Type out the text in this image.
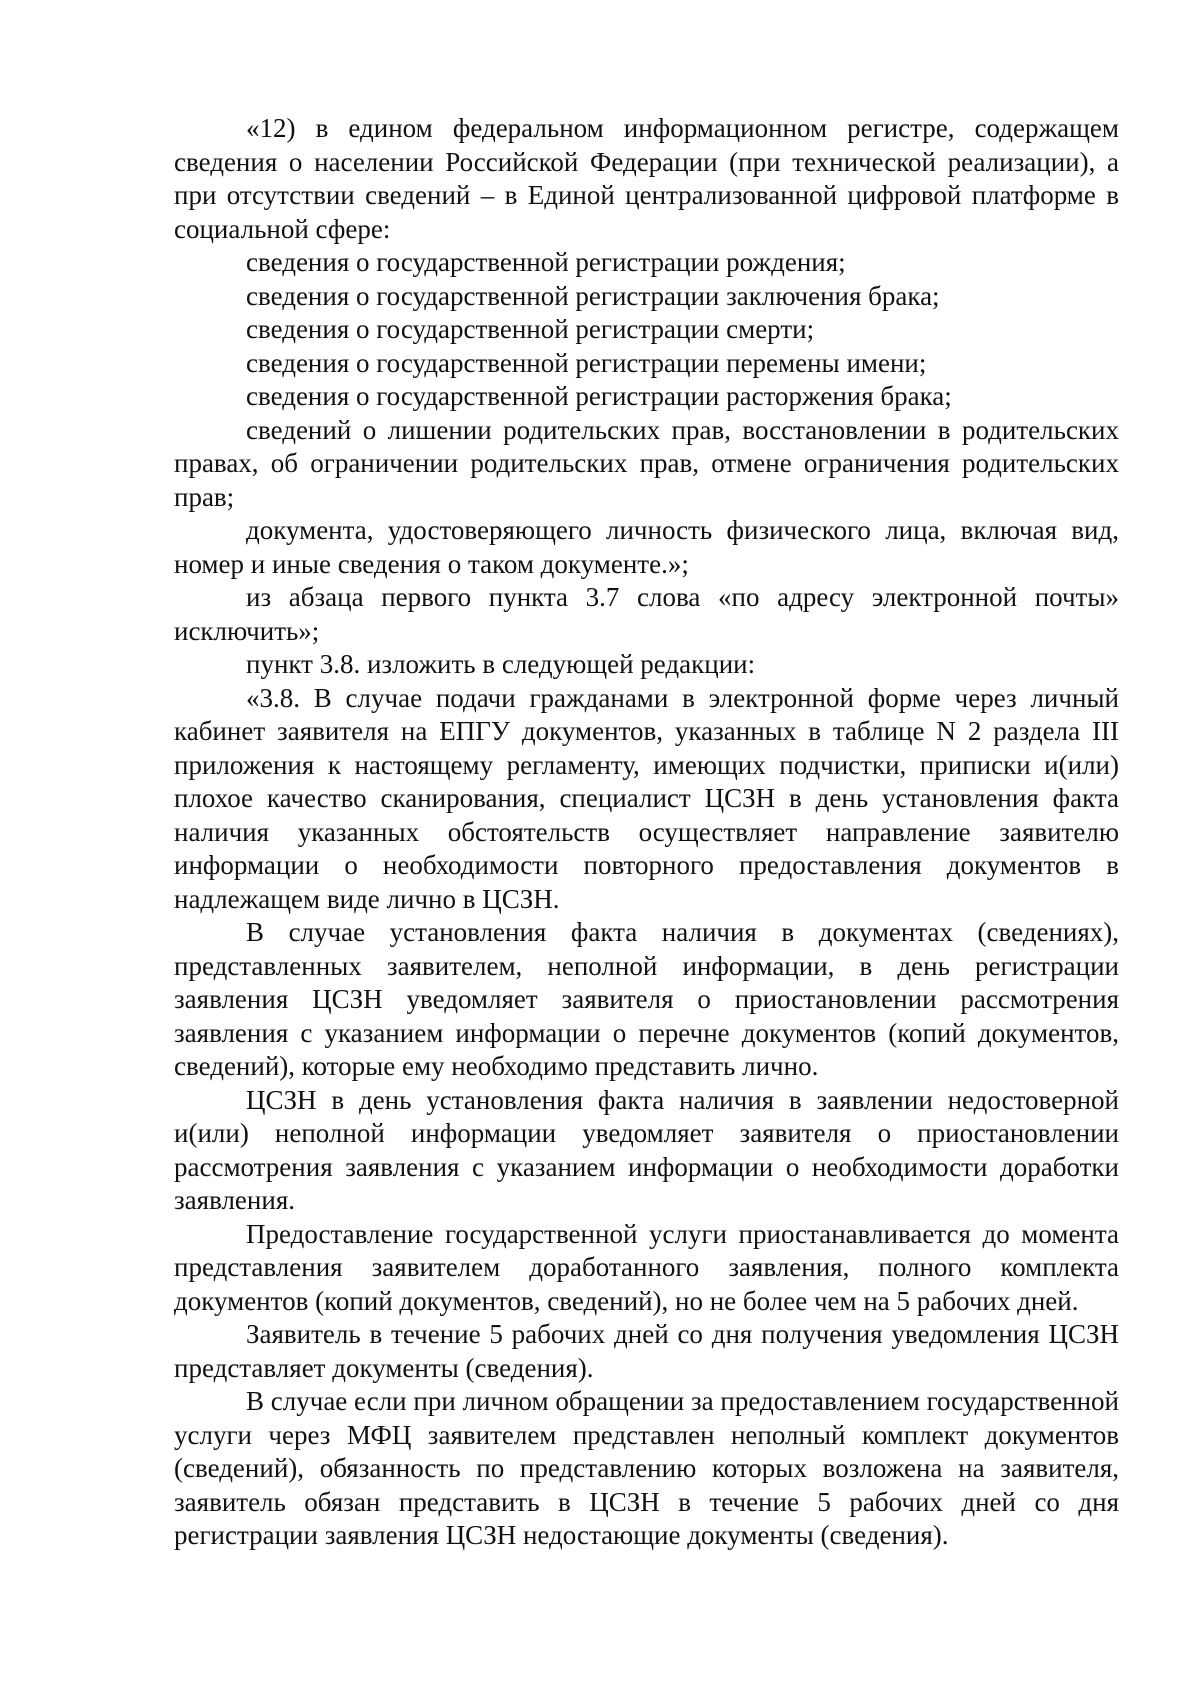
«12) в едином федеральном информационном регистре, содержащем сведения о населении Российской Федерации (при технической реализации), а при отсутствии сведений – в Единой централизованной цифровой платформе в социальной сфере:

сведения о государственной регистрации рождения;

сведения о государственной регистрации заключения брака;

сведения о государственной регистрации смерти;

сведения о государственной регистрации перемены имени;

сведения о государственной регистрации расторжения брака;

сведений о лишении родительских прав, восстановлении в родительских правах, об ограничении родительских прав, отмене ограничения родительских прав;

документа, удостоверяющего личность физического лица, включая вид, номер и иные сведения о таком документе.»;

из абзаца первого пункта 3.7 слова «по адресу электронной почты» исключить»;

пункт 3.8. изложить в следующей редакции:

«3.8. В случае подачи гражданами в электронной форме через личный кабинет заявителя на ЕПГУ документов, указанных в таблице N 2 раздела III приложения к настоящему регламенту, имеющих подчистки, приписки и(или) плохое качество сканирования, специалист ЦСЗН в день установления факта наличия указанных обстоятельств осуществляет направление заявителю информации о необходимости повторного предоставления документов в надлежащем виде лично в ЦСЗН.

В случае установления факта наличия в документах (сведениях), представленных заявителем, неполной информации, в день регистрации заявления ЦСЗН уведомляет заявителя о приостановлении рассмотрения заявления с указанием информации о перечне документов (копий документов, сведений), которые ему необходимо представить лично.

ЦСЗН в день установления факта наличия в заявлении недостоверной и(или) неполной информации уведомляет заявителя о приостановлении рассмотрения заявления с указанием информации о необходимости доработки заявления.

Предоставление государственной услуги приостанавливается до момента представления заявителем доработанного заявления, полного комплекта документов (копий документов, сведений), но не более чем на 5 рабочих дней.

Заявитель в течение 5 рабочих дней со дня получения уведомления ЦСЗН представляет документы (сведения).

В случае если при личном обращении за предоставлением государственной услуги через МФЦ заявителем представлен неполный комплект документов (сведений), обязанность по представлению которых возложена на заявителя, заявитель обязан представить в ЦСЗН в течение 5 рабочих дней со дня регистрации заявления ЦСЗН недостающие документы (сведения).
